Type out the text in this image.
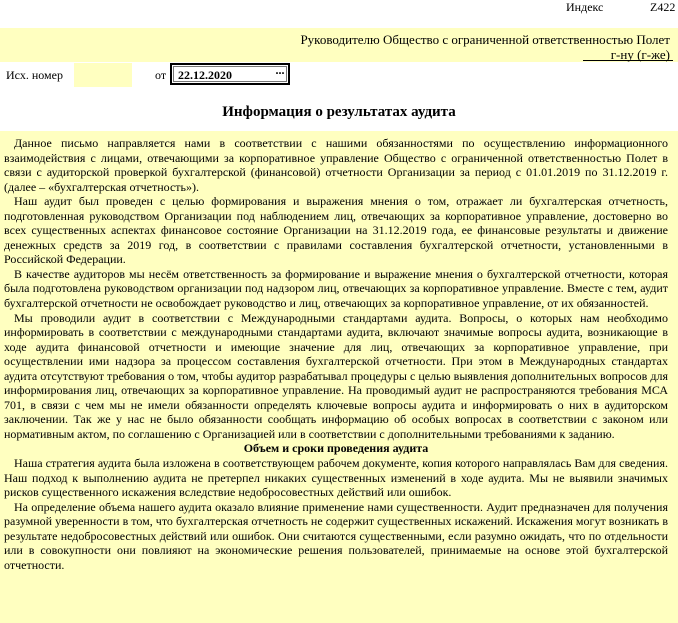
Индекс	Z422
Руководителю Общество с ограниченной ответственностью Полет
г-ну (г-же)
Исх. номер	от 22.12.2020	···
Информация о результатах аудита

Данное письмо направляется нами в соответствии с нашими обязанностями по осуществлению информационного взаимодействия с лицами, отвечающими за корпоративное управление Общество с ограниченной ответственностью Полет в связи с аудиторской проверкой бухгалтерской (финансовой) отчетности Организации за период с 01.01.2019 по 31.12.2019 г. (далее – «бухгалтерская отчетность»).

Наш аудит был проведен с целью формирования и выражения мнения о том, отражает ли бухгалтерская отчетность, подготовленная руководством Организации под наблюдением лиц, отвечающих за корпоративное управление, достоверно во всех существенных аспектах финансовое состояние Организации на 31.12.2019 года, ее финансовые результаты и движение денежных средств за 2019 год, в соответствии с правилами составления бухгалтерской отчетности, установленными в Российской Федерации.

В качестве аудиторов мы несём ответственность за формирование и выражение мнения о бухгалтерской отчетности, которая была подготовлена руководством организации под надзором лиц, отвечающих за корпоративное управление. Вместе с тем, аудит бухгалтерской отчетности не освобождает руководство и лиц, отвечающих за корпоративное управление, от их обязанностей.

Мы проводили аудит в соответствии с Международными стандартами аудита. Вопросы, о которых нам необходимо информировать в соответствии с международными стандартами аудита, включают значимые вопросы аудита, возникающие в ходе аудита финансовой отчетности и имеющие значение для лиц, отвечающих за корпоративное управление, при осуществлении ими надзора за процессом составления бухгалтерской отчетности. При этом в Международных стандартах аудита отсутствуют требования о том, чтобы аудитор разрабатывал процедуры с целью выявления дополнительных вопросов для информирования лиц, отвечающих за корпоративное управление. На проводимый аудит не распространяются требования МСА 701, в связи с чем мы не имели обязанности определять ключевые вопросы аудита и информировать о них в аудиторском заключении. Так же у нас не было обязанности сообщать информацию об особых вопросах в соответствии с законом или нормативным актом, по соглашению с Организацией или в соответствии с дополнительными требованиями к заданию.

Объем и сроки проведения аудита

Наша стратегия аудита была изложена в соответствующем рабочем документе, копия которого направлялась Вам для сведения. Наш подход к выполнению аудита не претерпел никаких существенных изменений в ходе аудита. Мы не выявили значимых рисков существенного искажения вследствие недобросовестных действий или ошибок.

На определение объема нашего аудита оказало влияние применение нами существенности. Аудит предназначен для получения разумной уверенности в том, что бухгалтерская отчетность не содержит существенных искажений. Искажения могут возникать в результате недобросовестных действий или ошибок. Они считаются существенными, если разумно ожидать, что по отдельности или в совокупности они повлияют на экономические решения пользователей, принимаемые на основе этой бухгалтерской отчетности.
